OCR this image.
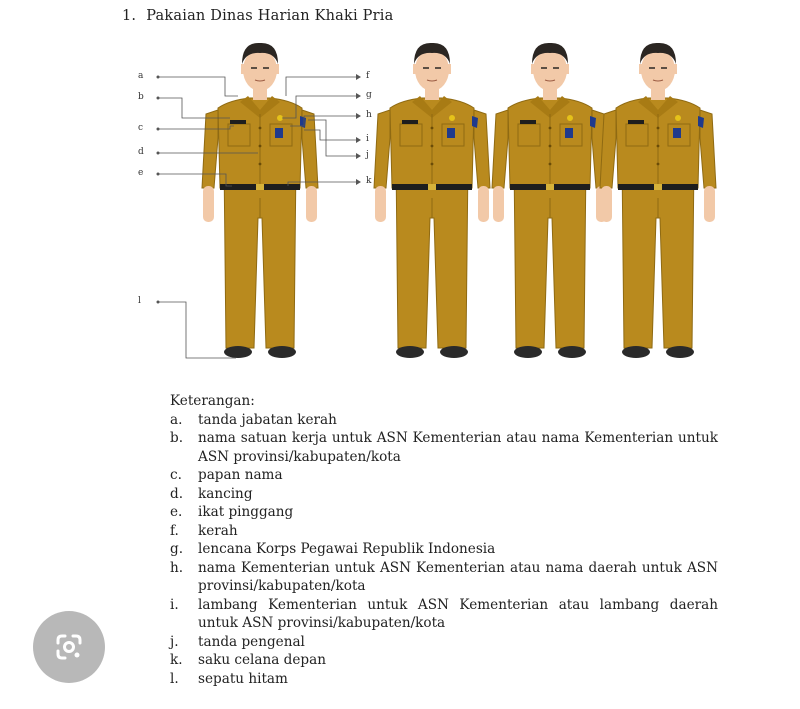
1. Pakaian Dinas Harian Khaki Pria
a
b
c
d
e
l
f
g
h
i
j
k
Keterangan:
a.	tanda jabatan kerah
b.	nama satuan kerja untuk ASN Kementerian atau nama Kementerian untuk ASN provinsi/kabupaten/kota
c.	papan nama
d.	kancing
e.	ikat pinggang
f.	kerah
g.	lencana Korps Pegawai Republik Indonesia
h.	nama Kementerian untuk ASN Kementerian atau nama daerah untuk ASN provinsi/kabupaten/kota
i.	lambang Kementerian untuk ASN Kementerian atau lambang daerah untuk ASN provinsi/kabupaten/kota
j.	tanda pengenal
k.	saku celana depan
l.	sepatu hitam
